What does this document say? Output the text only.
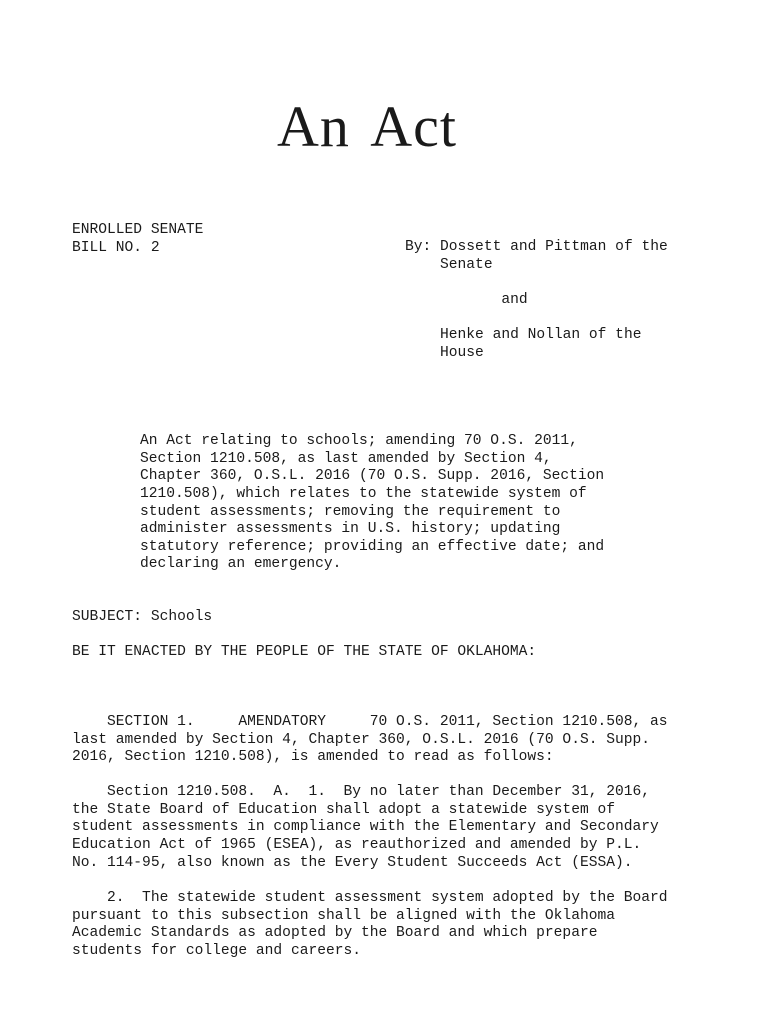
An Act

ENROLLED SENATE
BILL NO. 2

	By: Dossett and Pittman of the
Senate
and
Henke and Nollan of the
House

An Act relating to schools; amending 70 O.S. 2011,
Section 1210.508, as last amended by Section 4,
Chapter 360, O.S.L. 2016 (70 O.S. Supp. 2016, Section
1210.508), which relates to the statewide system of
student assessments; removing the requirement to
administer assessments in U.S. history; updating
statutory reference; providing an effective date; and
declaring an emergency.

SUBJECT: Schools
BE IT ENACTED BY THE PEOPLE OF THE STATE OF OKLAHOMA:

SECTION 1.     AMENDATORY     70 O.S. 2011, Section 1210.508, as
last amended by Section 4, Chapter 360, O.S.L. 2016 (70 O.S. Supp.
2016, Section 1210.508), is amended to read as follows:

Section 1210.508.  A.  1.  By no later than December 31, 2016,
the State Board of Education shall adopt a statewide system of
student assessments in compliance with the Elementary and Secondary
Education Act of 1965 (ESEA), as reauthorized and amended by P.L.
No. 114-95, also known as the Every Student Succeeds Act (ESSA).

2.  The statewide student assessment system adopted by the Board
pursuant to this subsection shall be aligned with the Oklahoma
Academic Standards as adopted by the Board and which prepare
students for college and careers.
